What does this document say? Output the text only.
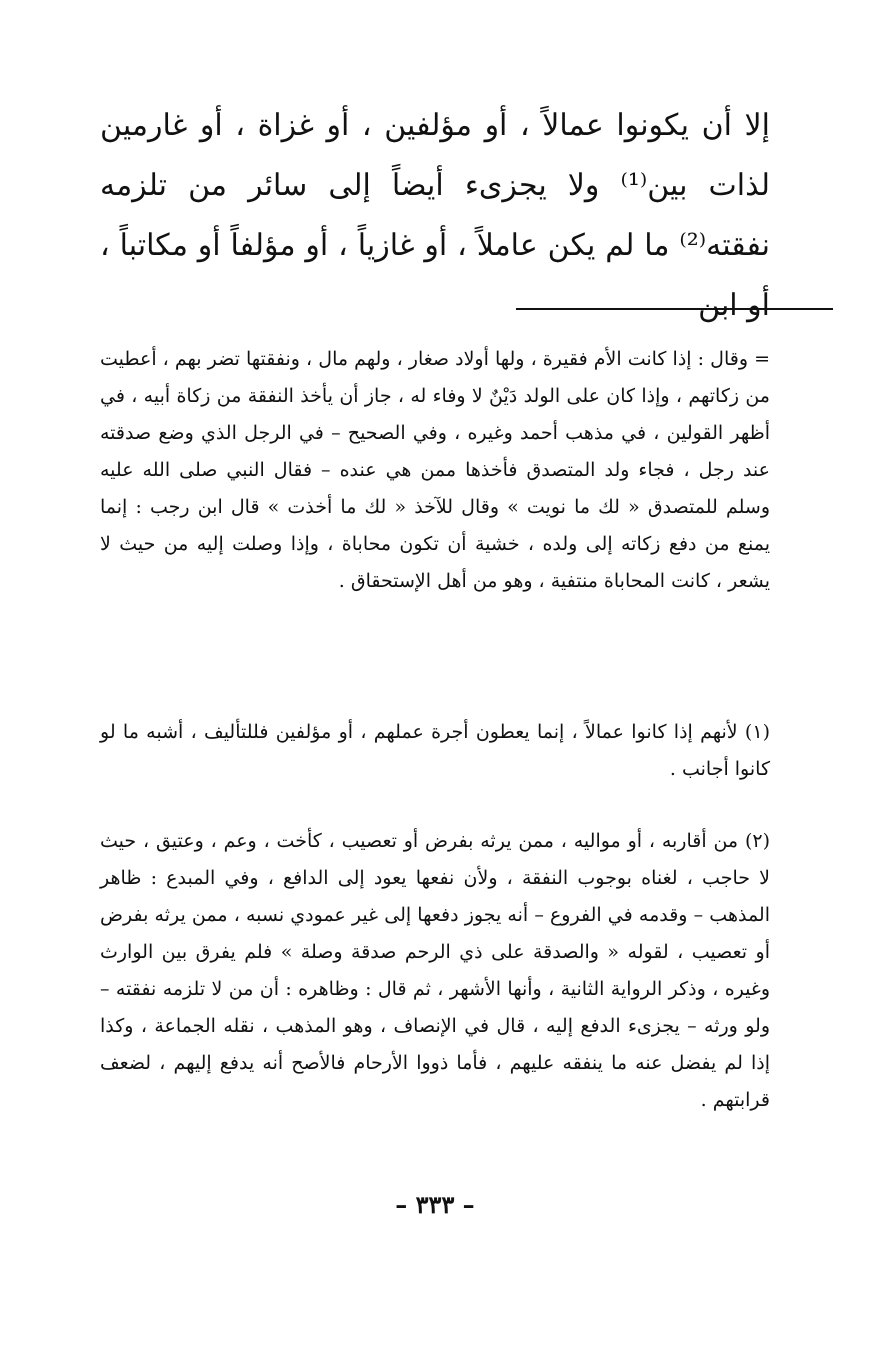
إلا أن يكونوا عمالاً ، أو مؤلفين ، أو غزاة ، أو غارمين لذات بين⁽¹⁾ ولا يجزىء أيضاً إلى سائر من تلزمه نفقته⁽²⁾ ما لم يكن عاملاً ، أو غازياً ، أو مؤلفاً أو مكاتباً ، أو ابن

= وقال : إذا كانت الأم فقيرة ، ولها أولاد صغار ، ولهم مال ، ونفقتها تضر بهم ، أعطيت من زكاتهم ، وإذا كان على الولد دَيْنٌ لا وفاء له ، جاز أن يأخذ النفقة من زكاة أبيه ، في أظهر القولين ، في مذهب أحمد وغيره ، وفي الصحيح – في الرجل الذي وضع صدقته عند رجل ، فجاء ولد المتصدق فأخذها ممن هي عنده – فقال النبي صلى الله عليه وسلم للمتصدق « لك ما نويت » وقال للآخذ « لك ما أخذت » قال ابن رجب : إنما يمنع من دفع زكاته إلى ولده ، خشية أن تكون محاباة ، وإذا وصلت إليه من حيث لا يشعر ، كانت المحاباة منتفية ، وهو من أهل الإستحقاق .

(١) لأنهم إذا كانوا عمالاً ، إنما يعطون أجرة عملهم ، أو مؤلفين فللتأليف ، أشبه ما لو كانوا أجانب .

(٢) من أقاربه ، أو مواليه ، ممن يرثه بفرض أو تعصيب ، كأخت ، وعم ، وعتيق ، حيث لا حاجب ، لغناه بوجوب النفقة ، ولأن نفعها يعود إلى الدافع ، وفي المبدع : ظاهر المذهب – وقدمه في الفروع – أنه يجوز دفعها إلى غير عمودي نسبه ، ممن يرثه بفرض أو تعصيب ، لقوله « والصدقة على ذي الرحم صدقة وصلة » فلم يفرق بين الوارث وغيره ، وذكر الرواية الثانية ، وأنها الأشهر ، ثم قال : وظاهره : أن من لا تلزمه نفقته – ولو ورثه – يجزىء الدفع إليه ، قال في الإنصاف ، وهو المذهب ، نقله الجماعة ، وكذا إذا لم يفضل عنه ما ينفقه عليهم ، فأما ذووا الأرحام فالأصح أنه يدفع إليهم ، لضعف قرابتهم .

– ٣٣٣ –
